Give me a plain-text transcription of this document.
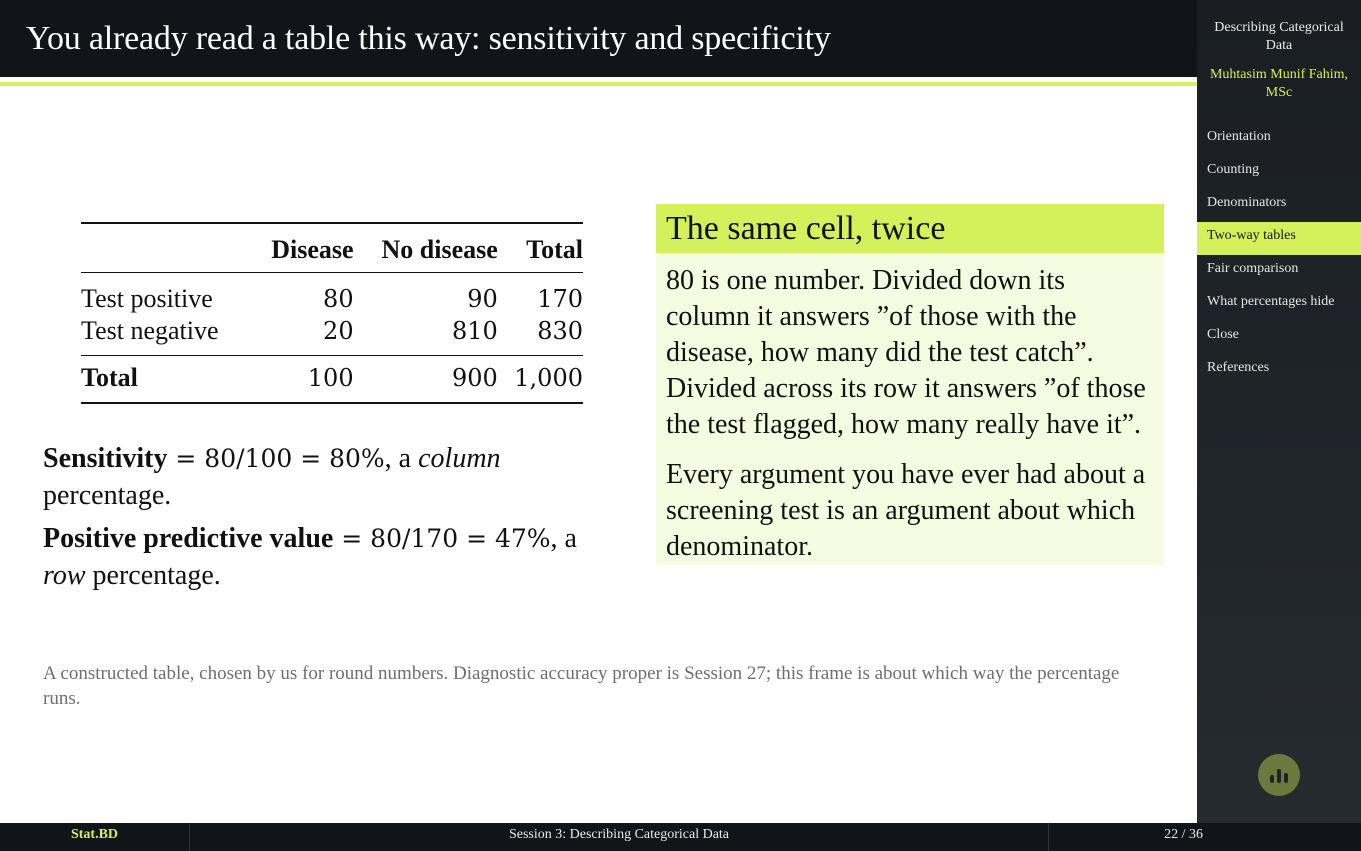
You already read a table this way: sensitivity and specificity	Describing Categorical Data
Muhtasim Munif Fahim, MSc
Orientation
Counting
Denominators
Two-way tables
Fair comparison
What percentages hide
Close
References
	Disease	No disease	Total
Test positive	80	90	170
Test negative	20	810	830
Total	100	900	1,000

Sensitivity = 80/100 = 80%, a column
percentage.

Positive predictive value = 80/170 = 47%, a
row percentage.

The same cell, twice

80 is one number. Divided down its column it answers ”of those with the disease, how many did the test catch”. Divided across its row it answers ”of those the test flagged, how many really have it”.

Every argument you have ever had about a screening test is an argument about which denominator.

A constructed table, chosen by us for round numbers. Diagnostic accuracy proper is Session 27; this frame is about which way the percentage runs.
Stat.BD	Session 3: Describing Categorical Data	22 / 36
